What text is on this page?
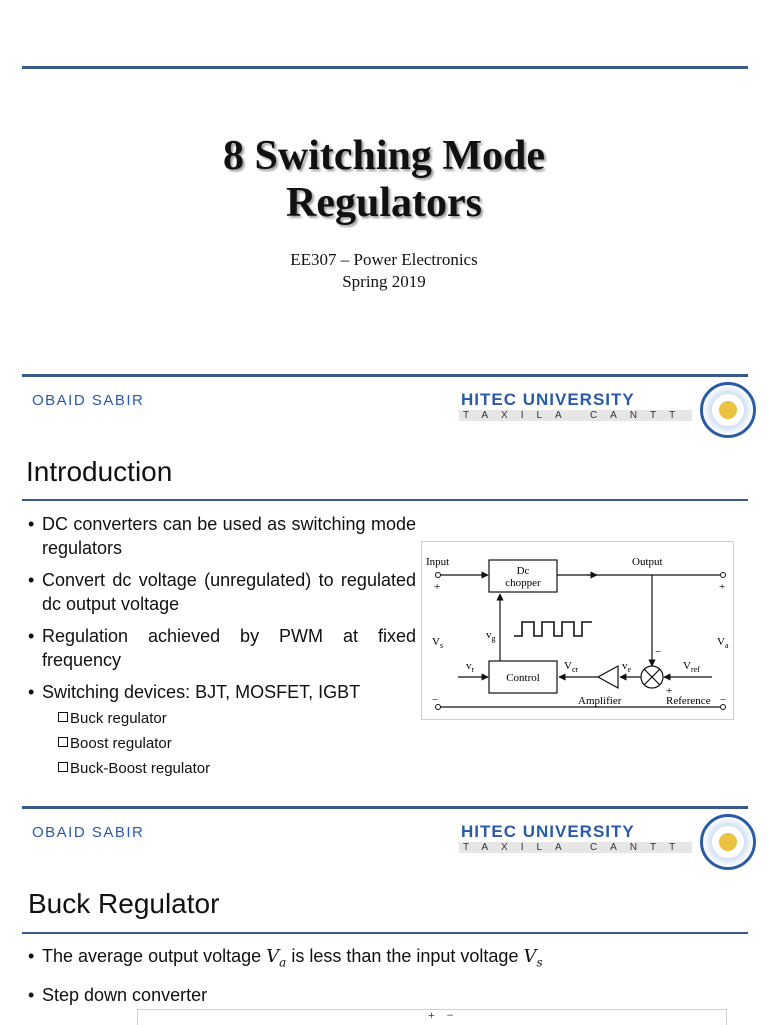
8 Switching Mode
Regulators
EE307 – Power Electronics
Spring 2019
OBAID SABIR	HITEC UNIVERSITY
TAXILA CANTT
Introduction
• DC converters can be used as switching mode regulators
• Convert dc voltage (unregulated) to regulated dc output voltage
• Regulation achieved by PWM at fixed frequency
• Switching devices: BJT, MOSFET, IGBT
Buck regulator
Boost regulator
Buck-Boost regulator
Input
+
Output
+
Dc
chopper
Control
$V_s$	$V_a$
$v_g$
$v_r$	$V_{cr}$	$v_e$	$V_{ref}$
−
+
Amplifier	Reference
−	−
OBAID SABIR	HITEC UNIVERSITY
TAXILA CANTT
Buck Regulator
• The average output voltage $V_a$ is less than the input voltage $V_s$
• Step down converter
+    −
